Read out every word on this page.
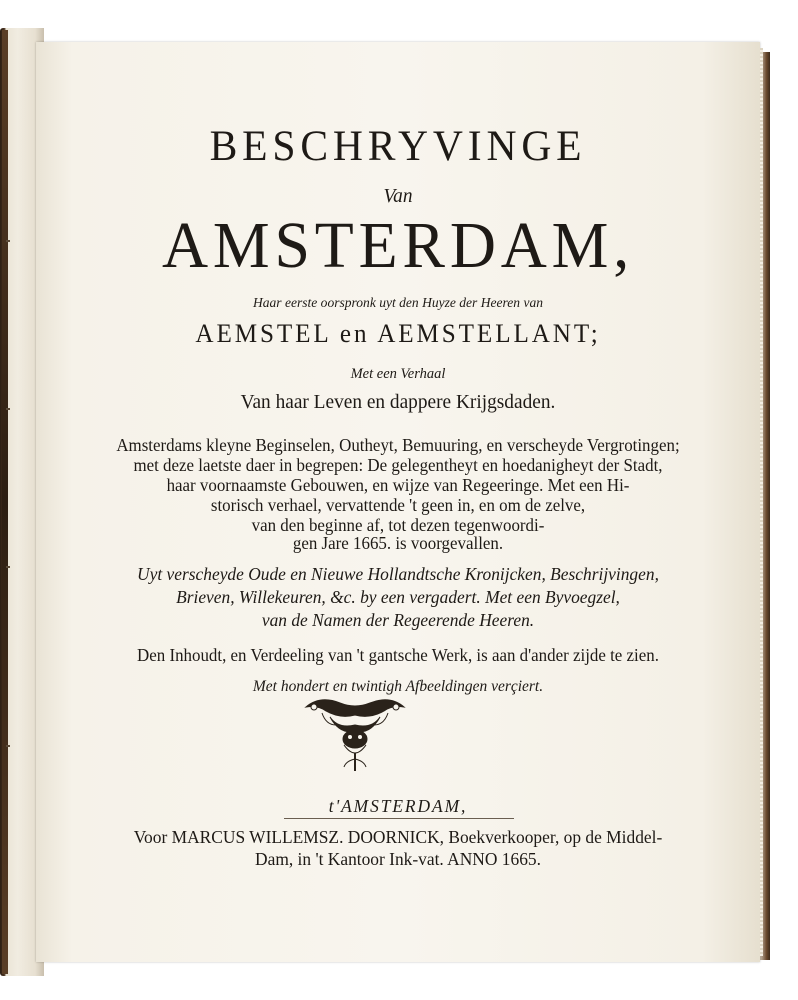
BESCHRYVINGE
Van
AMSTERDAM,
Haar eerste oorspronk uyt den Huyze der Heeren van
AEMSTEL en AEMSTELLANT;
Met een Verhaal
Van haar Leven en dappere Krijgsdaden.
Amsterdams kleyne Beginselen, Outheyt, Bemuuring, en verscheyde Vergrotingen;
met deze laetste daer in begrepen: De gelegentheyt en hoedanigheyt der Stadt,
haar voornaamste Gebouwen, en wijze van Regeeringe. Met een Hi-
storisch verhael, vervattende 't geen in, en om de zelve,
van den beginne af, tot dezen tegenwoordi-
gen Jare 1665. is voorgevallen.
Uyt verscheyde Oude en Nieuwe Hollandtsche Kronijcken, Beschrijvingen,
Brieven, Willekeuren, &c. by een vergadert. Met een Byvoegzel,
van de Namen der Regeerende Heeren.
Den Inhoudt, en Verdeeling van 't gantsche Werk, is aan d'ander zijde te zien.
Met hondert en twintigh Afbeeldingen verçiert.
t'AMSTERDAM,
Voor MARCUS WILLEMSZ. DOORNICK, Boekverkooper, op de Middel-
Dam, in 't Kantoor Ink-vat. ANNO 1665.
